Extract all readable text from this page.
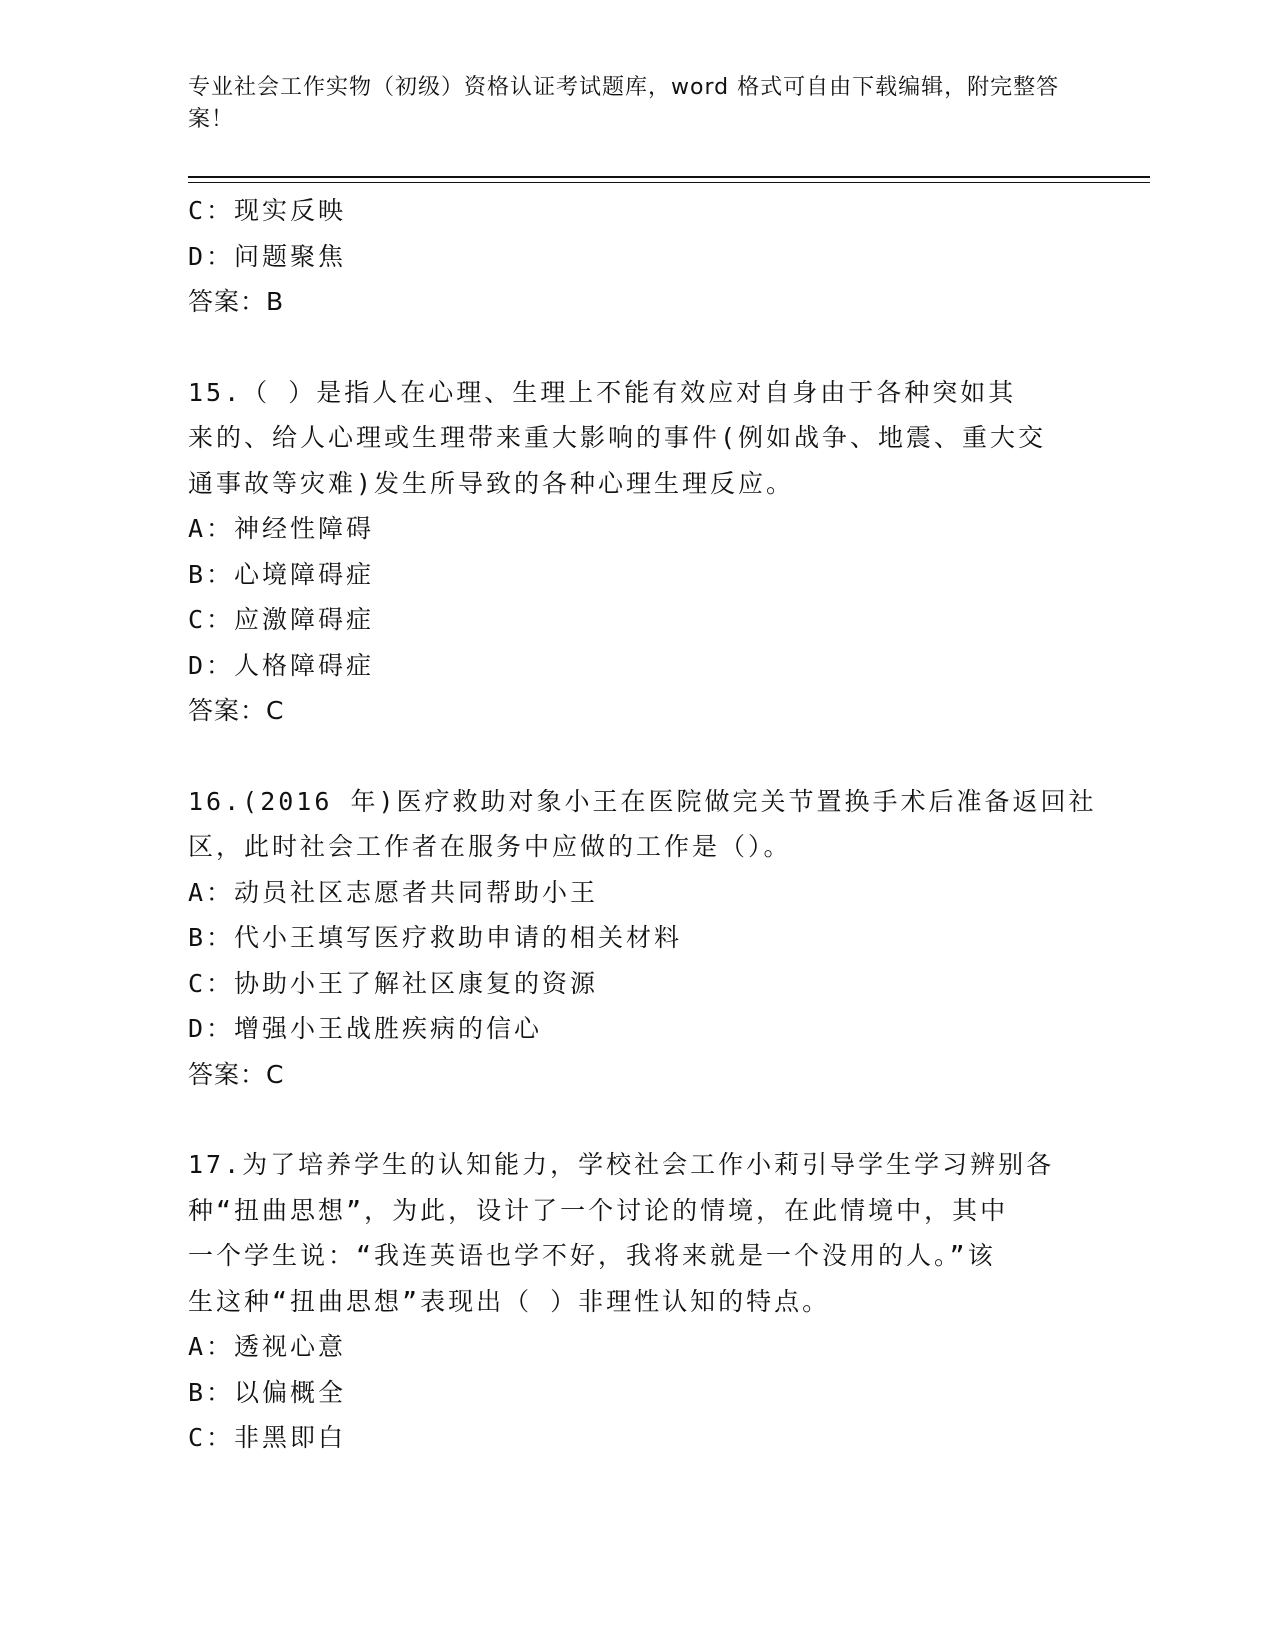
专业社会工作实物（初级）资格认证考试题库，word 格式可自由下载编辑，附完整答案！
C：现实反映
D：问题聚焦
答案：B
15.（ ）是指人在心理、生理上不能有效应对自身由于各种突如其
来的、给人心理或生理带来重大影响的事件(例如战争、地震、重大交
通事故等灾难)发生所导致的各种心理生理反应。
A：神经性障碍
B：心境障碍症
C：应激障碍症
D：人格障碍症
答案：C
16.(2016 年)医疗救助对象小王在医院做完关节置换手术后准备返回社
区，此时社会工作者在服务中应做的工作是（）。
A：动员社区志愿者共同帮助小王
B：代小王填写医疗救助申请的相关材料
C：协助小王了解社区康复的资源
D：增强小王战胜疾病的信心
答案：C
17.为了培养学生的认知能力，学校社会工作小莉引导学生学习辨别各
种“扭曲思想”，为此，设计了一个讨论的情境，在此情境中，其中
一个学生说：“我连英语也学不好，我将来就是一个没用的人。”该
生这种“扭曲思想”表现出（ ）非理性认知的特点。
A：透视心意
B：以偏概全
C：非黑即白
